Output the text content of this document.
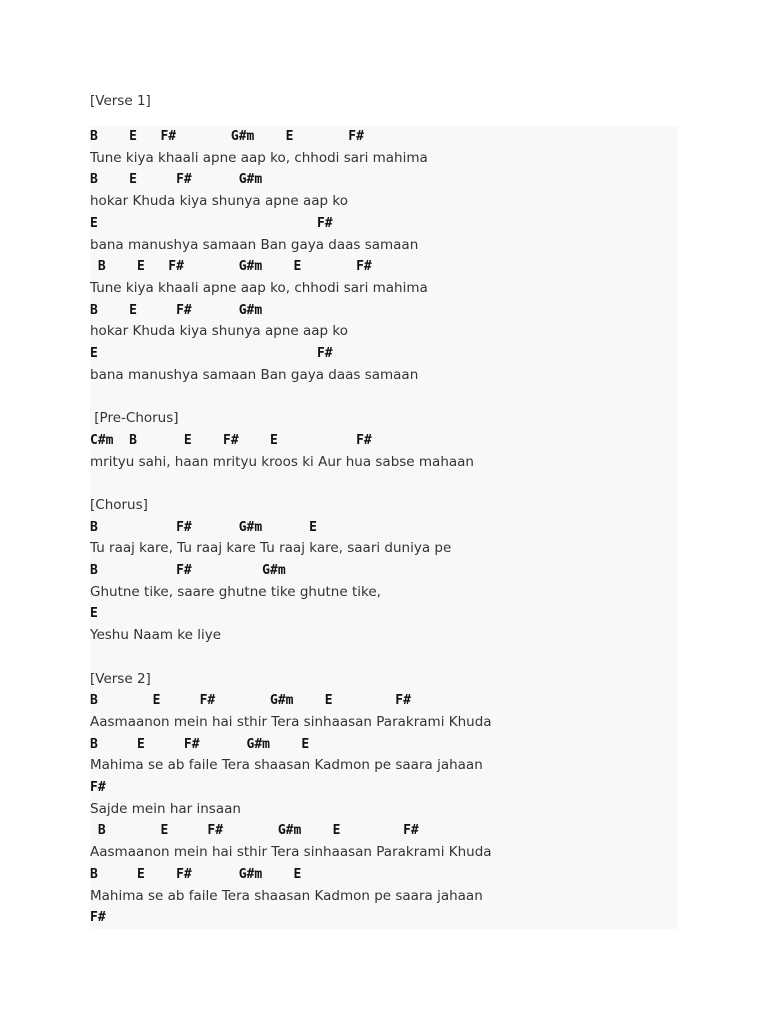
[Verse 1]

B    E   F#       G#m    E       F#

Tune kiya khaali apne aap ko, chhodi sari mahima

B    E     F#      G#m

hokar Khuda kiya shunya apne aap ko

E                            F#

bana manushya samaan Ban gaya daas samaan

B    E   F#       G#m    E       F#

Tune kiya khaali apne aap ko, chhodi sari mahima

B    E     F#      G#m

hokar Khuda kiya shunya apne aap ko

E                            F#

bana manushya samaan Ban gaya daas samaan

[Pre-Chorus]

C#m  B      E    F#    E          F#

mrityu sahi, haan mrityu kroos ki Aur hua sabse mahaan

[Chorus]

B          F#      G#m      E

Tu raaj kare, Tu raaj kare Tu raaj kare, saari duniya pe

B          F#         G#m

Ghutne tike, saare ghutne tike ghutne tike,

E

Yeshu Naam ke liye

[Verse 2]

B       E     F#       G#m    E        F#

Aasmaanon mein hai sthir Tera sinhaasan Parakrami Khuda

B     E     F#      G#m    E

Mahima se ab faile Tera shaasan Kadmon pe saara jahaan

F#

Sajde mein har insaan

B       E     F#       G#m    E        F#

Aasmaanon mein hai sthir Tera sinhaasan Parakrami Khuda

B     E    F#      G#m    E

Mahima se ab faile Tera shaasan Kadmon pe saara jahaan

F#
